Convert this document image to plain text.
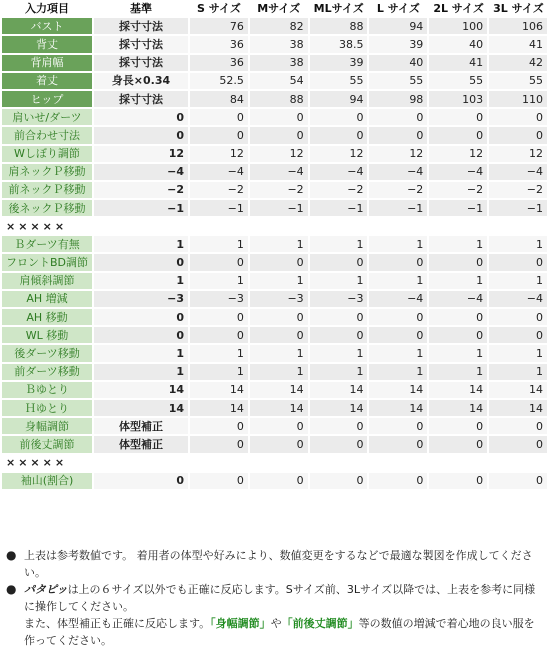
入力項目	基準	S サイズ	Mサイズ	MLサイズ	L サイズ	2L サイズ	3L サイズ
バスト	採寸寸法	76	82	88	94	100	106
背丈	採寸寸法	36	38	38.5	39	40	41
背肩幅	採寸寸法	36	38	39	40	41	42
着丈	身長×0.34	52.5	54	55	55	55	55
ヒップ	採寸寸法	84	88	94	98	103	110
肩いせ/ダーツ	0	0	0	0	0	0	0
前合わせ寸法	0	0	0	0	0	0	0
Wしぼり調節	12	12	12	12	12	12	12
肩ネックＰ移動	−4	−4	−4	−4	−4	−4	−4
前ネックＰ移動	−2	−2	−2	−2	−2	−2	−2
後ネックＰ移動	−1	−1	−1	−1	−1	−1	−1
×××××							
Ｂダーツ有無	1	1	1	1	1	1	1
フロントBD調節	0	0	0	0	0	0	0
肩傾斜調節	1	1	1	1	1	1	1
AH 増減	−3	−3	−3	−3	−4	−4	−4
AH 移動	0	0	0	0	0	0	0
WL 移動	0	0	0	0	0	0	0
後ダーツ移動	1	1	1	1	1	1	1
前ダーツ移動	1	1	1	1	1	1	1
Ｂゆとり	14	14	14	14	14	14	14
Ｈゆとり	14	14	14	14	14	14	14
身幅調節	体型補正	0	0	0	0	0	0
前後丈調節	体型補正	0	0	0	0	0	0
×××××							
袖山(割合)	0	0	0	0	0	0	0
● 上表は参考数値です。 着用者の体型や好みにより、数値変更をするなどで最適な製図を作成してください。
● パタピッは上の６サイズ以外でも正確に反応します。Sサイズ前、3Lサイズ以降では、上表を参考に同様に操作してください。
また、体型補正も正確に反応します。「身幅調節」や「前後丈調節」等の数値の増減で着心地の良い服を作ってください。
